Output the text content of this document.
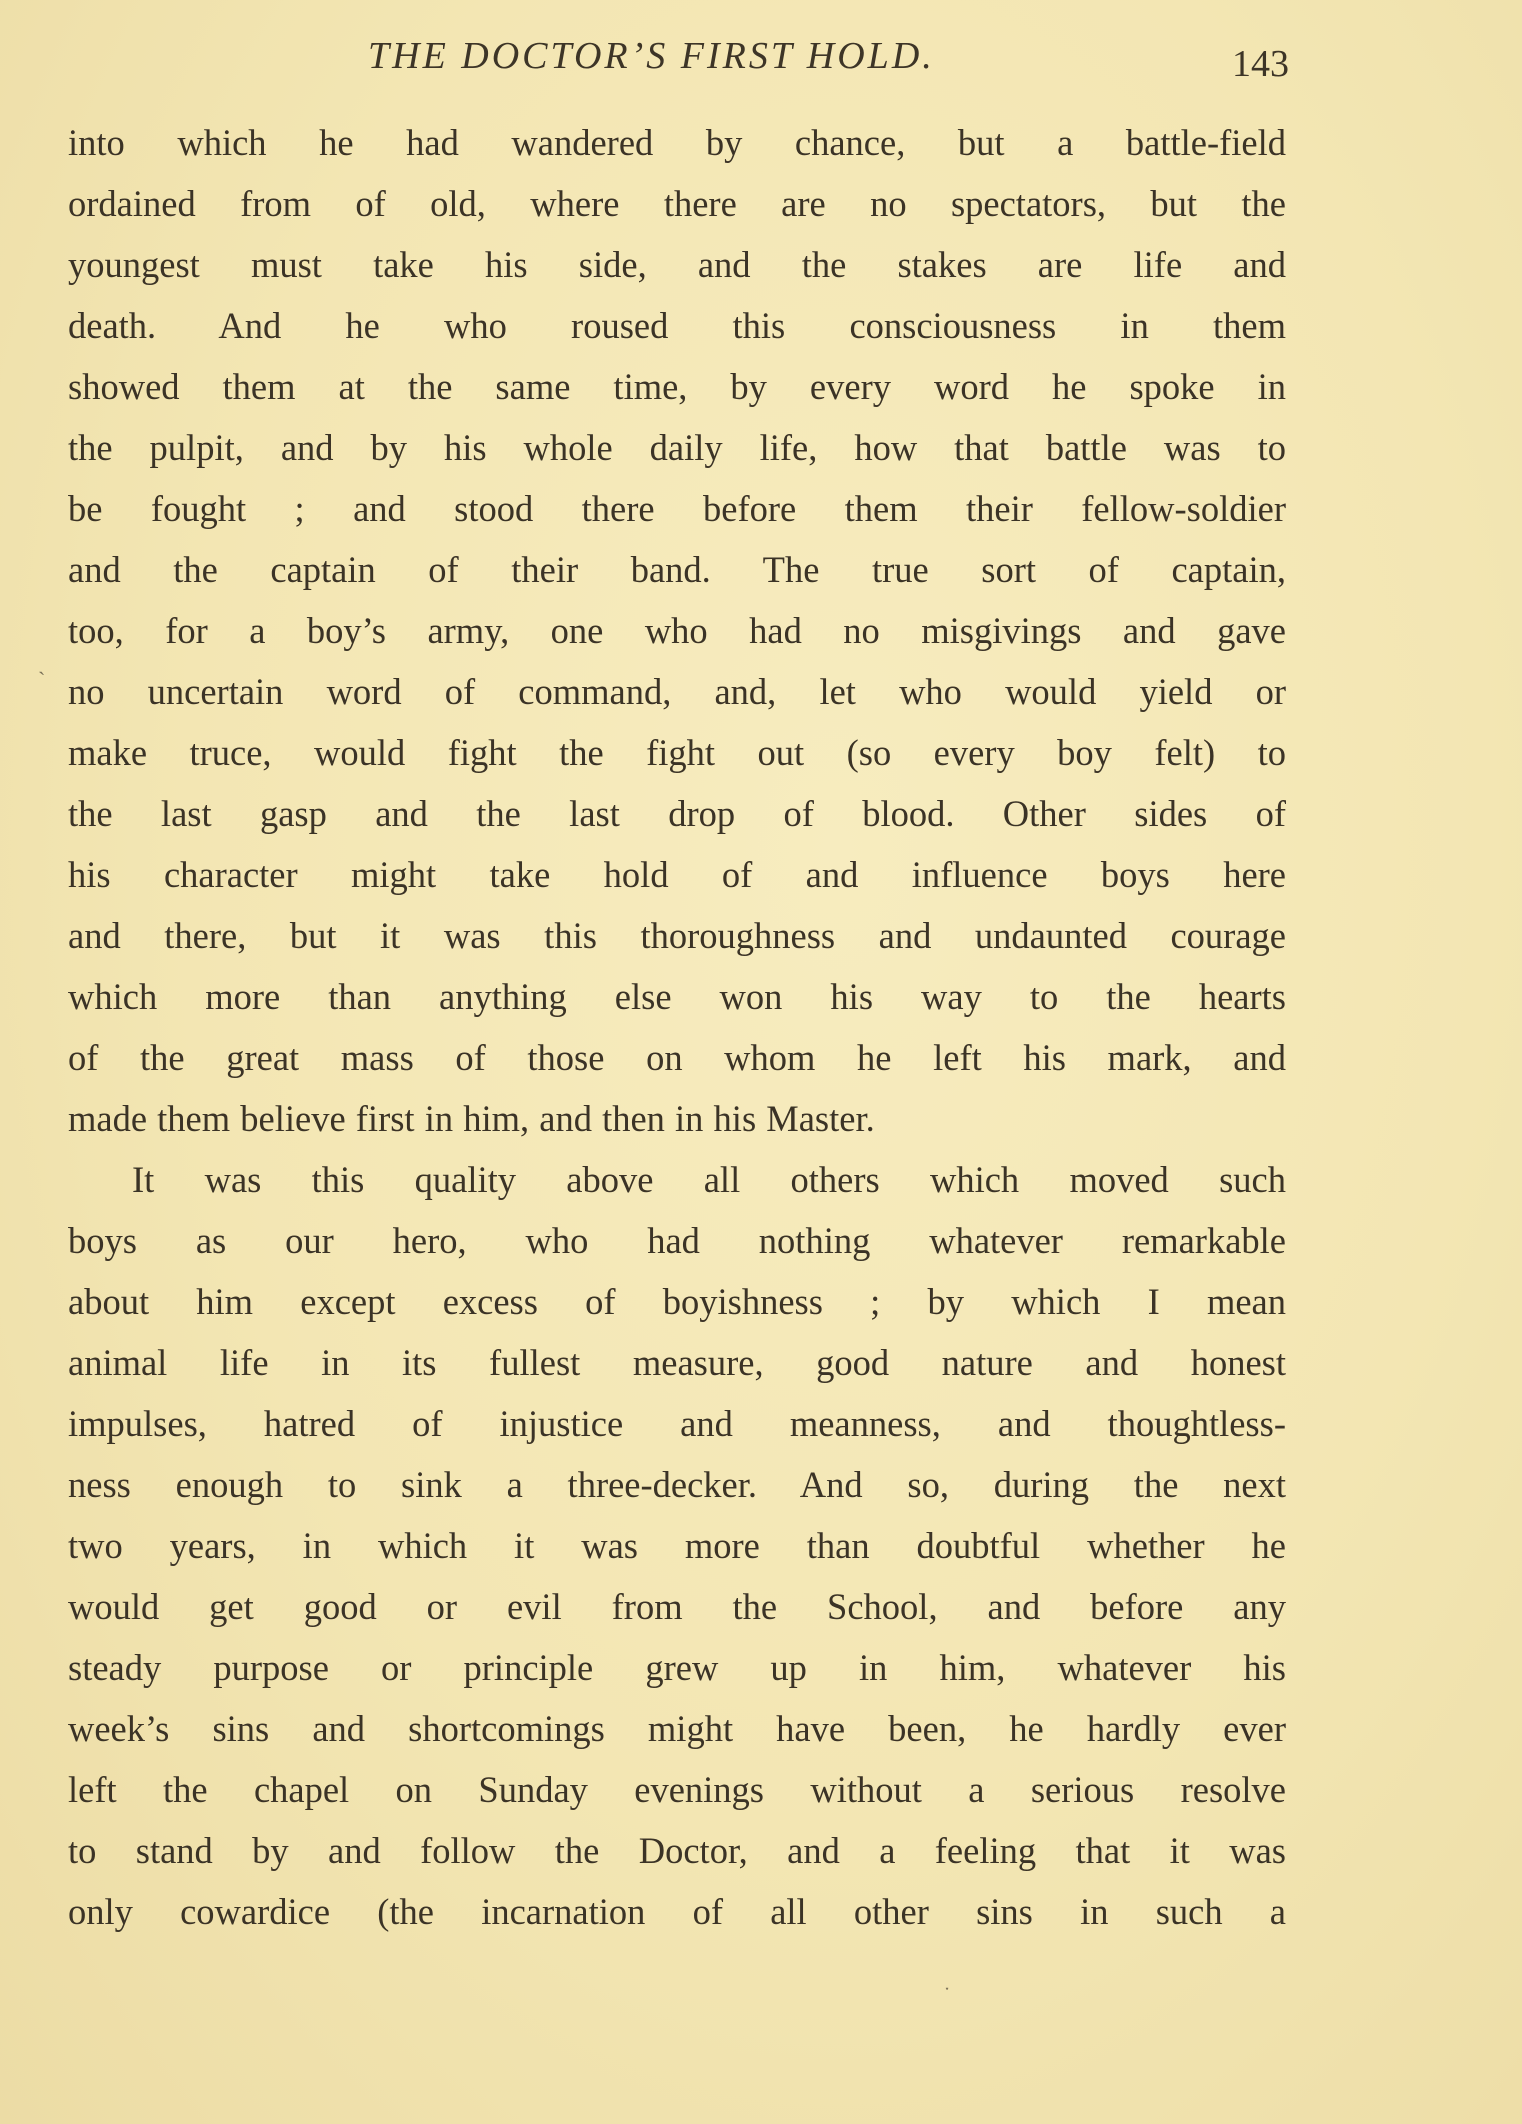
THE DOCTOR’S FIRST HOLD.	143
into which he had wandered by chance, but a battle-field
ordained from of old, where there are no spectators, but the
youngest must take his side, and the stakes are life and
death. And he who roused this consciousness in them
showed them at the same time, by every word he spoke in
the pulpit, and by his whole daily life, how that battle was to
be fought ; and stood there before them their fellow-soldier
and the captain of their band. The true sort of captain,
too, for a boy’s army, one who had no misgivings and gave
no uncertain word of command, and, let who would yield or
make truce, would fight the fight out (so every boy felt) to
the last gasp and the last drop of blood. Other sides of
his character might take hold of and influence boys here
and there, but it was this thoroughness and undaunted courage
which more than anything else won his way to the hearts
of the great mass of those on whom he left his mark, and
made them believe first in him, and then in his Master.
It was this quality above all others which moved such
boys as our hero, who had nothing whatever remarkable
about him except excess of boyishness ; by which I mean
animal life in its fullest measure, good nature and honest
impulses, hatred of injustice and meanness, and thoughtless-
ness enough to sink a three-decker. And so, during the next
two years, in which it was more than doubtful whether he
would get good or evil from the School, and before any
steady purpose or principle grew up in him, whatever his
week’s sins and shortcomings might have been, he hardly ever
left the chapel on Sunday evenings without a serious resolve
to stand by and follow the Doctor, and a feeling that it was
only cowardice (the incarnation of all other sins in such a
ˎ
ˑ
